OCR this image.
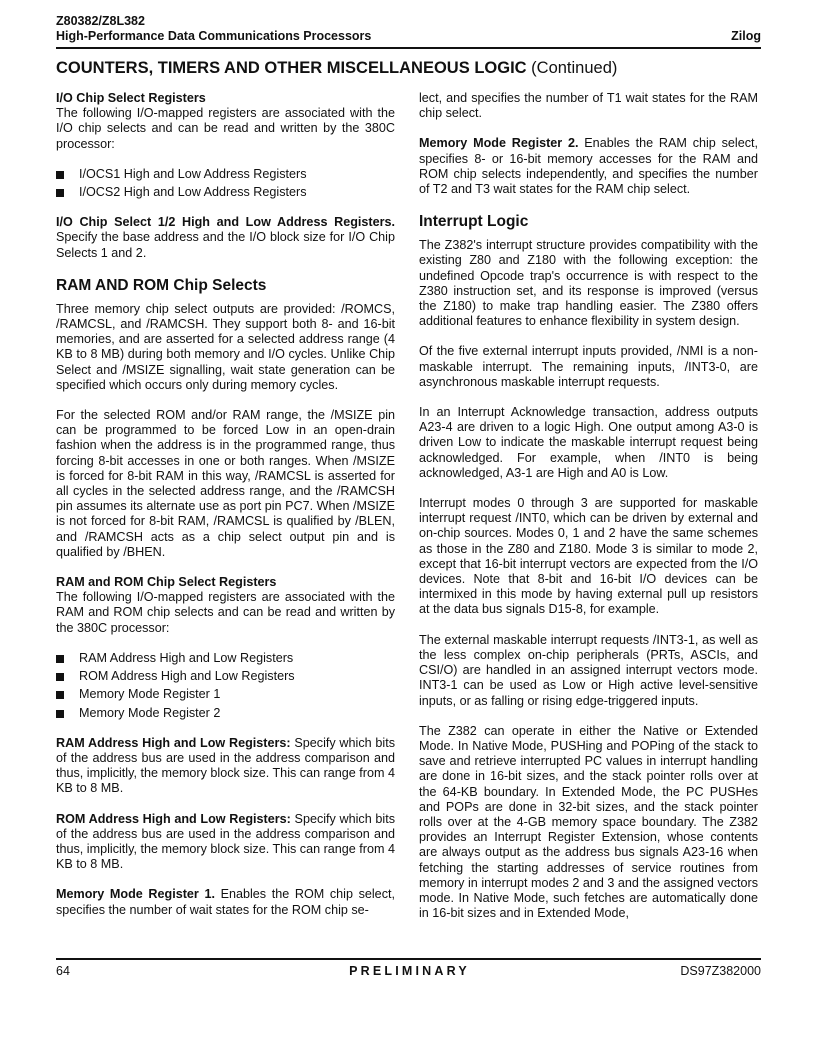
Z80382/Z8L382
High-Performance Data Communications Processors	Zilog
COUNTERS, TIMERS AND OTHER MISCELLANEOUS LOGIC (Continued)
I/O Chip Select Registers

The following I/O-mapped registers are associated with the I/O chip selects and can be read and written by the 380C processor:

I/OCS1 High and Low Address Registers
I/OCS2 High and Low Address Registers

I/O Chip Select 1/2 High and Low Address Registers. Specify the base address and the I/O block size for I/O Chip Selects 1 and 2.

RAM AND ROM Chip Selects

Three memory chip select outputs are provided: /ROMCS, /RAMCSL, and /RAMCSH. They support both 8- and 16-bit memories, and are asserted for a selected address range (4 KB to 8 MB) during both memory and I/O cycles. Unlike Chip Select and /MSIZE signalling, wait state generation can be specified which occurs only during memory cycles.

For the selected ROM and/or RAM range, the /MSIZE pin can be programmed to be forced Low in an open-drain fashion when the address is in the programmed range, thus forcing 8-bit accesses in one or both ranges. When /MSIZE is forced for 8-bit RAM in this way, /RAMCSL is asserted for all cycles in the selected address range, and the /RAMCSH pin assumes its alternate use as port pin PC7. When /MSIZE is not forced for 8-bit RAM, /RAMCSL is qualified by /BLEN, and /RAMCSH acts as a chip select output pin and is qualified by /BHEN.

RAM and ROM Chip Select Registers

The following I/O-mapped registers are associated with the RAM and ROM chip selects and can be read and written by the 380C processor:

RAM Address High and Low Registers
ROM Address High and Low Registers
Memory Mode Register 1
Memory Mode Register 2

RAM Address High and Low Registers: Specify which bits of the address bus are used in the address comparison and thus, implicitly, the memory block size. This can range from 4 KB to 8 MB.

ROM Address High and Low Registers: Specify which bits of the address bus are used in the address comparison and thus, implicitly, the memory block size. This can range from 4 KB to 8 MB.

Memory Mode Register 1. Enables the ROM chip select, specifies the number of wait states for the ROM chip se-

lect, and specifies the number of T1 wait states for the RAM chip select.

Memory Mode Register 2. Enables the RAM chip select, specifies 8- or 16-bit memory accesses for the RAM and ROM chip selects independently, and specifies the number of T2 and T3 wait states for the RAM chip select.

Interrupt Logic

The Z382's interrupt structure provides compatibility with the existing Z80 and Z180 with the following exception: the undefined Opcode trap's occurrence is with respect to the Z380 instruction set, and its response is improved (versus the Z180) to make trap handling easier. The Z380 offers additional features to enhance flexibility in system design.

Of the five external interrupt inputs provided, /NMI is a non-maskable interrupt. The remaining inputs, /INT3-0, are asynchronous maskable interrupt requests.

In an Interrupt Acknowledge transaction, address outputs A23-4 are driven to a logic High. One output among A3-0 is driven Low to indicate the maskable interrupt request being acknowledged. For example, when /INT0 is being acknowledged, A3-1 are High and A0 is Low.

Interrupt modes 0 through 3 are supported for maskable interrupt request /INT0, which can be driven by external and on-chip sources. Modes 0, 1 and 2 have the same schemes as those in the Z80 and Z180. Mode 3 is similar to mode 2, except that 16-bit interrupt vectors are expected from the I/O devices. Note that 8-bit and 16-bit I/O devices can be intermixed in this mode by having external pull up resistors at the data bus signals D15-8, for example.

The external maskable interrupt requests /INT3-1, as well as the less complex on-chip peripherals (PRTs, ASCIs, and CSI/O) are handled in an assigned interrupt vectors mode. INT3-1 can be used as Low or High active level-sensitive inputs, or as falling or rising edge-triggered inputs.

The Z382 can operate in either the Native or Extended Mode. In Native Mode, PUSHing and POPing of the stack to save and retrieve interrupted PC values in interrupt handling are done in 16-bit sizes, and the stack pointer rolls over at the 64-KB boundary. In Extended Mode, the PC PUSHes and POPs are done in 32-bit sizes, and the stack pointer rolls over at the 4-GB memory space boundary. The Z382 provides an Interrupt Register Extension, whose contents are always output as the address bus signals A23-16 when fetching the starting addresses of service routines from memory in interrupt modes 2 and 3 and the assigned vectors mode. In Native Mode, such fetches are automatically done in 16-bit sizes and in Extended Mode,

64	PRELIMINARY	DS97Z382000
